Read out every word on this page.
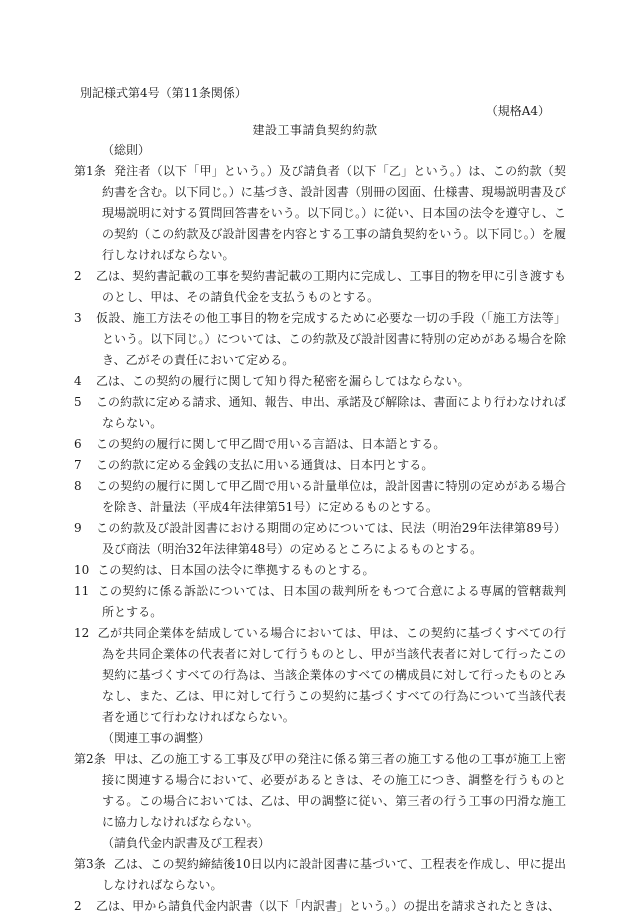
別記様式第4号（第11条関係）
（規格A4）
建設工事請負契約約款
（総則）

第1条 発注者（以下「甲」という。）及び請負者（以下「乙」という。）は、この約款（契約書を含む。以下同じ。）に基づき、設計図書（別冊の図面、仕様書、現場説明書及び現場説明に対する質問回答書をいう。以下同じ。）に従い、日本国の法令を遵守し、この契約（この約款及び設計図書を内容とする工事の請負契約をいう。以下同じ。）を履行しなければならない。

2 乙は、契約書記載の工事を契約書記載の工期内に完成し、工事目的物を甲に引き渡すものとし、甲は、その請負代金を支払うものとする。

3 仮設、施工方法その他工事目的物を完成するために必要な一切の手段（「施工方法等」という。以下同じ。）については、この約款及び設計図書に特別の定めがある場合を除き、乙がその責任において定める。

4 乙は、この契約の履行に関して知り得た秘密を漏らしてはならない。

5 この約款に定める請求、通知、報告、申出、承諾及び解除は、書面により行わなければならない。

6 この契約の履行に関して甲乙間で用いる言語は、日本語とする。

7 この約款に定める金銭の支払に用いる通貨は、日本円とする。

8 この契約の履行に関して甲乙間で用いる計量単位は，設計図書に特別の定めがある場合を除き、計量法（平成4年法律第51号）に定めるものとする。

9 この約款及び設計図書における期間の定めについては、民法（明治29年法律第89号）及び商法（明治32年法律第48号）の定めるところによるものとする。

10 この契約は、日本国の法令に準拠するものとする。

11 この契約に係る訴訟については、日本国の裁判所をもつて合意による専属的管轄裁判所とする。

12 乙が共同企業体を結成している場合においては、甲は、この契約に基づくすべての行為を共同企業体の代表者に対して行うものとし、甲が当該代表者に対して行ったこの契約に基づくすべての行為は、当該企業体のすべての構成員に対して行ったものとみなし、また、乙は、甲に対して行うこの契約に基づくすべての行為について当該代表者を通じて行わなければならない。

（関連工事の調整）

第2条 甲は、乙の施工する工事及び甲の発注に係る第三者の施工する他の工事が施工上密接に関連する場合において、必要があるときは、その施工につき、調整を行うものとする。この場合においては、乙は、甲の調整に従い、第三者の行う工事の円滑な施工に協力しなければならない。

（請負代金内訳書及び工程表）

第3条 乙は、この契約締結後10日以内に設計図書に基づいて、工程表を作成し、甲に提出しなければならない。

2 乙は、甲から請負代金内訳書（以下「内訳書」という。）の提出を請求されたときは、
